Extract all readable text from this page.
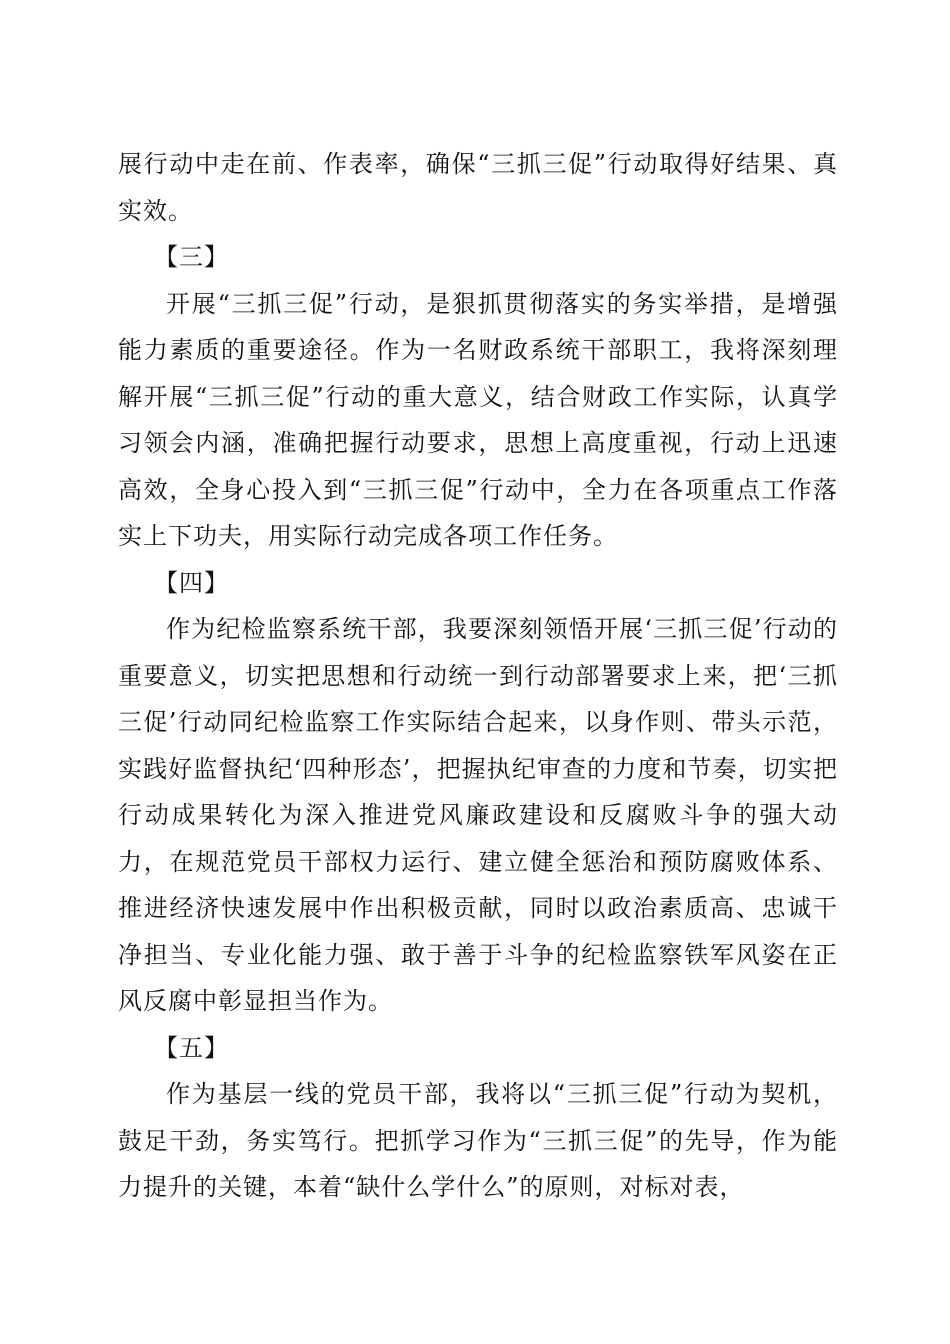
展行动中走在前、作表率，确保“三抓三促”行动取得好结果、真实效。

【三】

开展“三抓三促”行动，是狠抓贯彻落实的务实举措，是增强能力素质的重要途径。作为一名财政系统干部职工，我将深刻理解开展“三抓三促”行动的重大意义，结合财政工作实际，认真学习领会内涵，准确把握行动要求，思想上高度重视，行动上迅速高效，全身心投入到“三抓三促”行动中，全力在各项重点工作落实上下功夫，用实际行动完成各项工作任务。

【四】

作为纪检监察系统干部，我要深刻领悟开展‘三抓三促’行动的重要意义，切实把思想和行动统一到行动部署要求上来，把‘三抓三促’行动同纪检监察工作实际结合起来，以身作则、带头示范，实践好监督执纪‘四种形态’，把握执纪审查的力度和节奏，切实把行动成果转化为深入推进党风廉政建设和反腐败斗争的强大动力，在规范党员干部权力运行、建立健全惩治和预防腐败体系、推进经济快速发展中作出积极贡献，同时以政治素质高、忠诚干净担当、专业化能力强、敢于善于斗争的纪检监察铁军风姿在正风反腐中彰显担当作为。

【五】

作为基层一线的党员干部，我将以“三抓三促”行动为契机，鼓足干劲，务实笃行。把抓学习作为“三抓三促”的先导，作为能力提升的关键，本着“缺什么学什么”的原则，对标对表，
